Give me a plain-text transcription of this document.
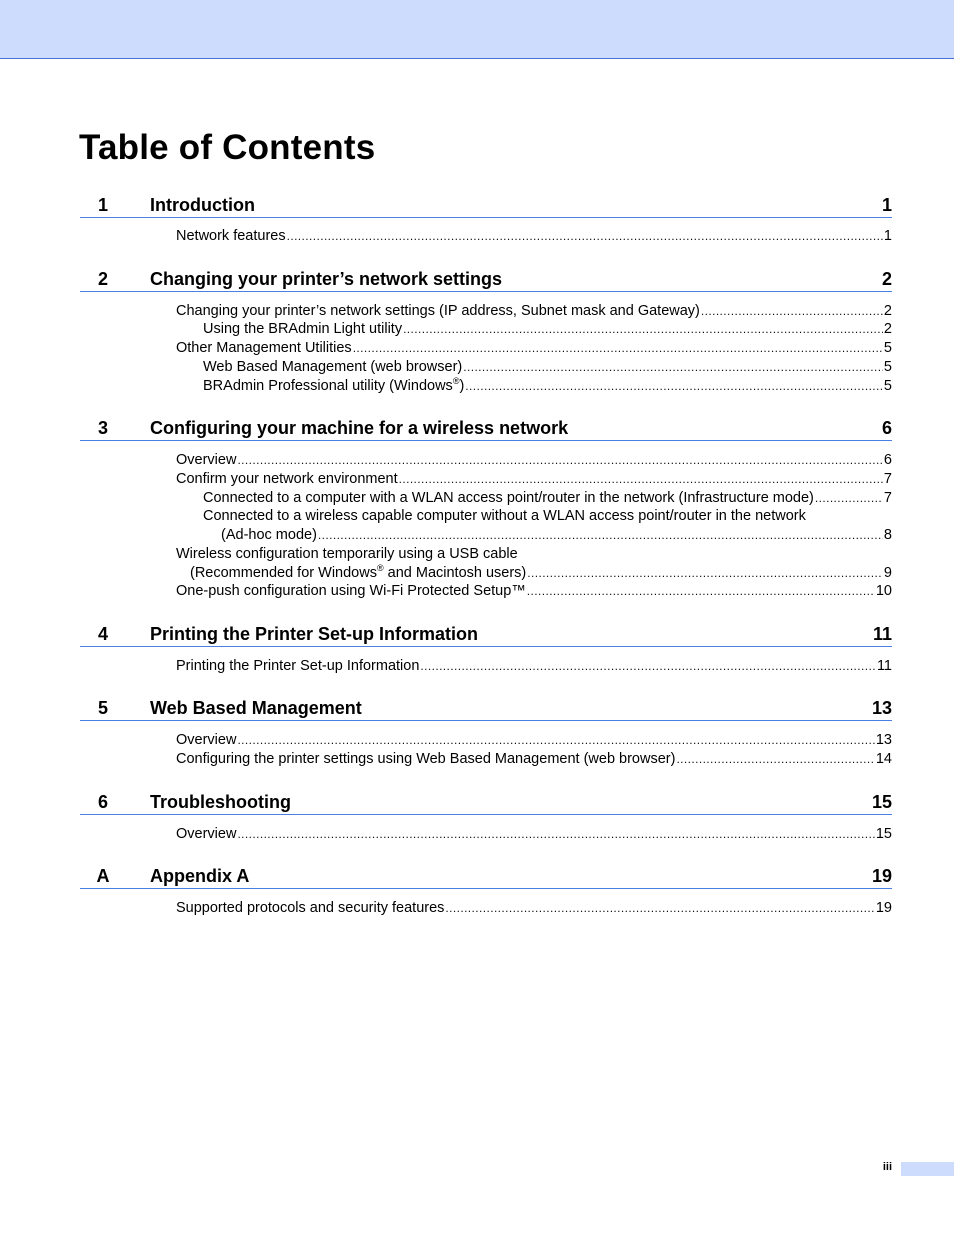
Table of Contents
1	Introduction	1
Network features .....	1
2	Changing your printer’s network settings	2
Changing your printer’s network settings (IP address, Subnet mask and Gateway) .....	2
Using the BRAdmin Light utility .....	2
Other Management Utilities .....	5
Web Based Management (web browser) .....	5
BRAdmin Professional utility (Windows®) .....	5
3	Configuring your machine for a wireless network	6
Overview .....	6
Confirm your network environment .....	7
Connected to a computer with a WLAN access point/router in the network (Infrastructure mode) .....	7
Connected to a wireless capable computer without a WLAN access point/router in the network
(Ad-hoc mode) .....	8
Wireless configuration temporarily using a USB cable
(Recommended for Windows® and Macintosh users) .....	9
One-push configuration using Wi-Fi Protected Setup™ .....	10
4	Printing the Printer Set-up Information	11
Printing the Printer Set-up Information .....	11
5	Web Based Management	13
Overview .....	13
Configuring the printer settings using Web Based Management (web browser) .....	14
6	Troubleshooting	15
Overview .....	15
A	Appendix A	19
Supported protocols and security features .....	19
iii
